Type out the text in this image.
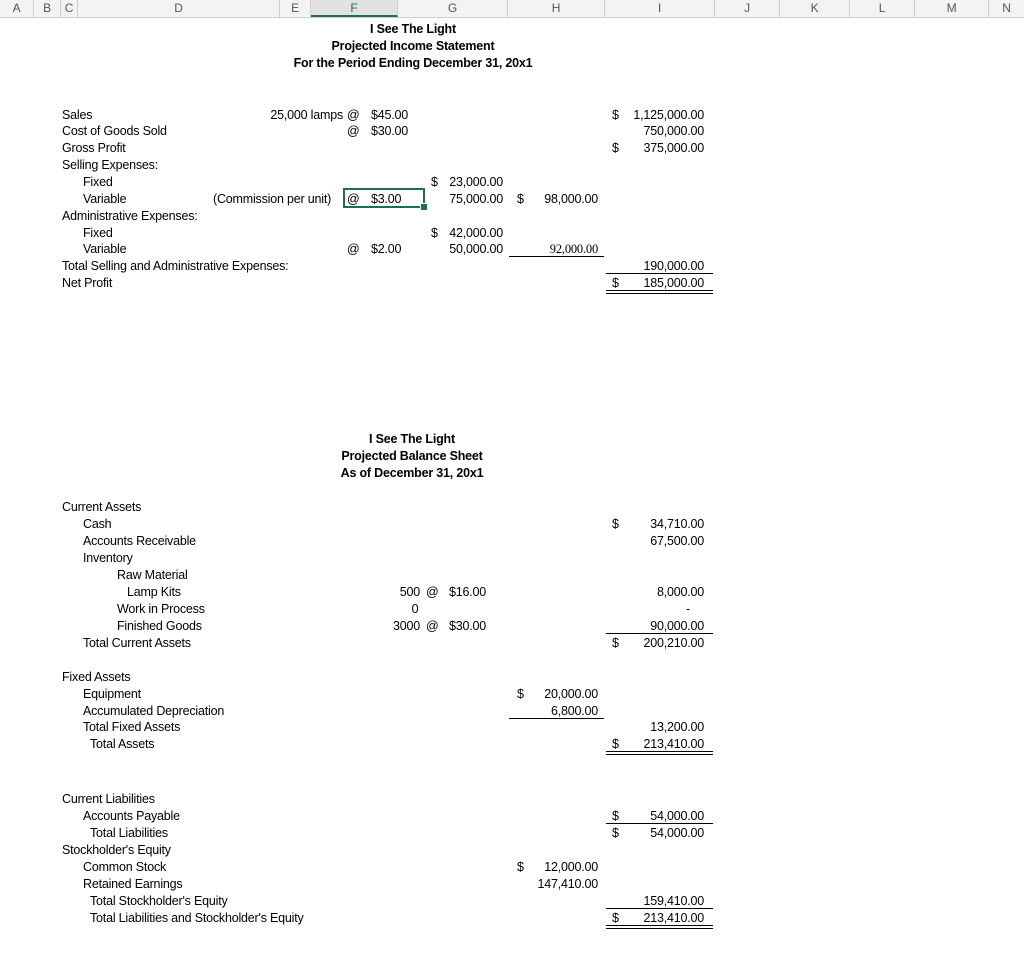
A	B	C	D	E	F	G	H	I	J	K	L	M	N
I See The Light
Projected Income Statement
For the Period Ending December 31, 20x1
Sales	25,000 lamps @ $45.00	$	1,125,000.00
Cost of Goods Sold	@ $30.00	750,000.00
Gross Profit	$	375,000.00
Selling Expenses:
Fixed	$ 23,000.00
Variable	(Commission per unit) @ $3.00	75,000.00 $	98,000.00
Administrative Expenses:
Fixed	$ 42,000.00
Variable	@ $2.00	50,000.00	92,000.00
Total Selling and Administrative Expenses:	190,000.00
Net Profit	$	185,000.00
I See The Light
Projected Balance Sheet
As of December 31, 20x1
Current Assets
Cash	$	34,710.00
Accounts Receivable	67,500.00
Inventory
Raw Material
Lamp Kits	500 @ $16.00	8,000.00
Work in Process	0	-
Finished Goods	3000 @ $30.00	90,000.00
Total Current Assets	$	200,210.00
Fixed Assets
Equipment	$	20,000.00
Accumulated Depreciation	6,800.00
Total Fixed Assets	13,200.00
Total Assets	$	213,410.00
Current Liabilities
Accounts Payable	$	54,000.00
Total Liabilities	$	54,000.00
Stockholder's Equity
Common Stock	$	12,000.00
Retained Earnings	147,410.00
Total Stockholder's Equity	159,410.00
Total Liabilities and Stockholder's Equity	$	213,410.00
